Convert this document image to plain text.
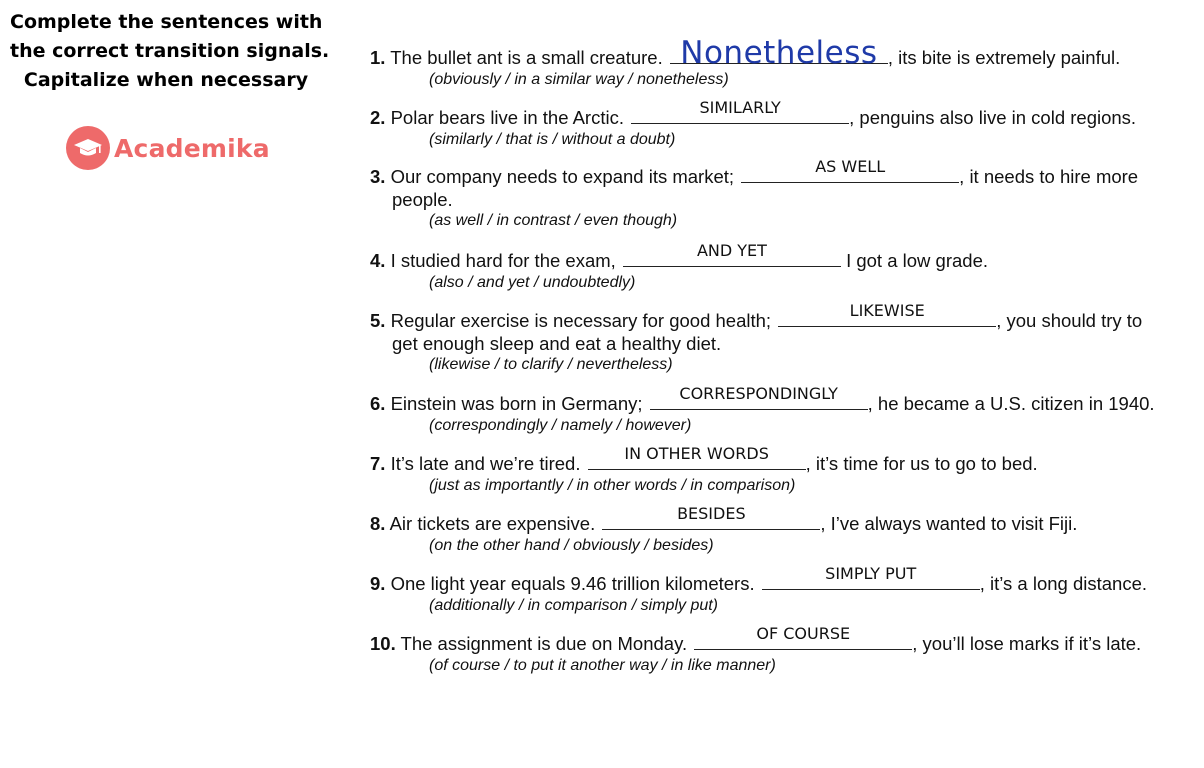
Complete the sentences with
the correct transition signals.
Capitalize when necessary
Academika
1. The bullet ant is a small creature. Nonetheless , its bite is extremely painful.
(obviously / in a similar way / nonetheless)
2. Polar bears live in the Arctic.	SIMILARLY	, penguins also live in cold regions.
(similarly / that is / without a doubt)
3. Our company needs to expand its market;	AS WELL	, it needs to hire more
people.
(as well / in contrast / even though)
4. I studied hard for the exam,	AND YET	I got a low grade.
(also / and yet / undoubtedly)
5. Regular exercise is necessary for good health;	LIKEWISE	, you should try to
get enough sleep and eat a healthy diet.
(likewise / to clarify / nevertheless)
6. Einstein was born in Germany;	CORRESPONDINGLY	, he became a U.S. citizen in 1940.
(correspondingly / namely / however)
7. It’s late and we’re tired.	IN OTHER WORDS	, it’s time for us to go to bed.
(just as importantly / in other words / in comparison)
8. Air tickets are expensive.	BESIDES	, I’ve always wanted to visit Fiji.
(on the other hand / obviously / besides)
9. One light year equals 9.46 trillion kilometers.	SIMPLY PUT	, it’s a long distance.
(additionally / in comparison / simply put)
10. The assignment is due on Monday.	OF COURSE	, you’ll lose marks if it’s late.
(of course / to put it another way / in like manner)
